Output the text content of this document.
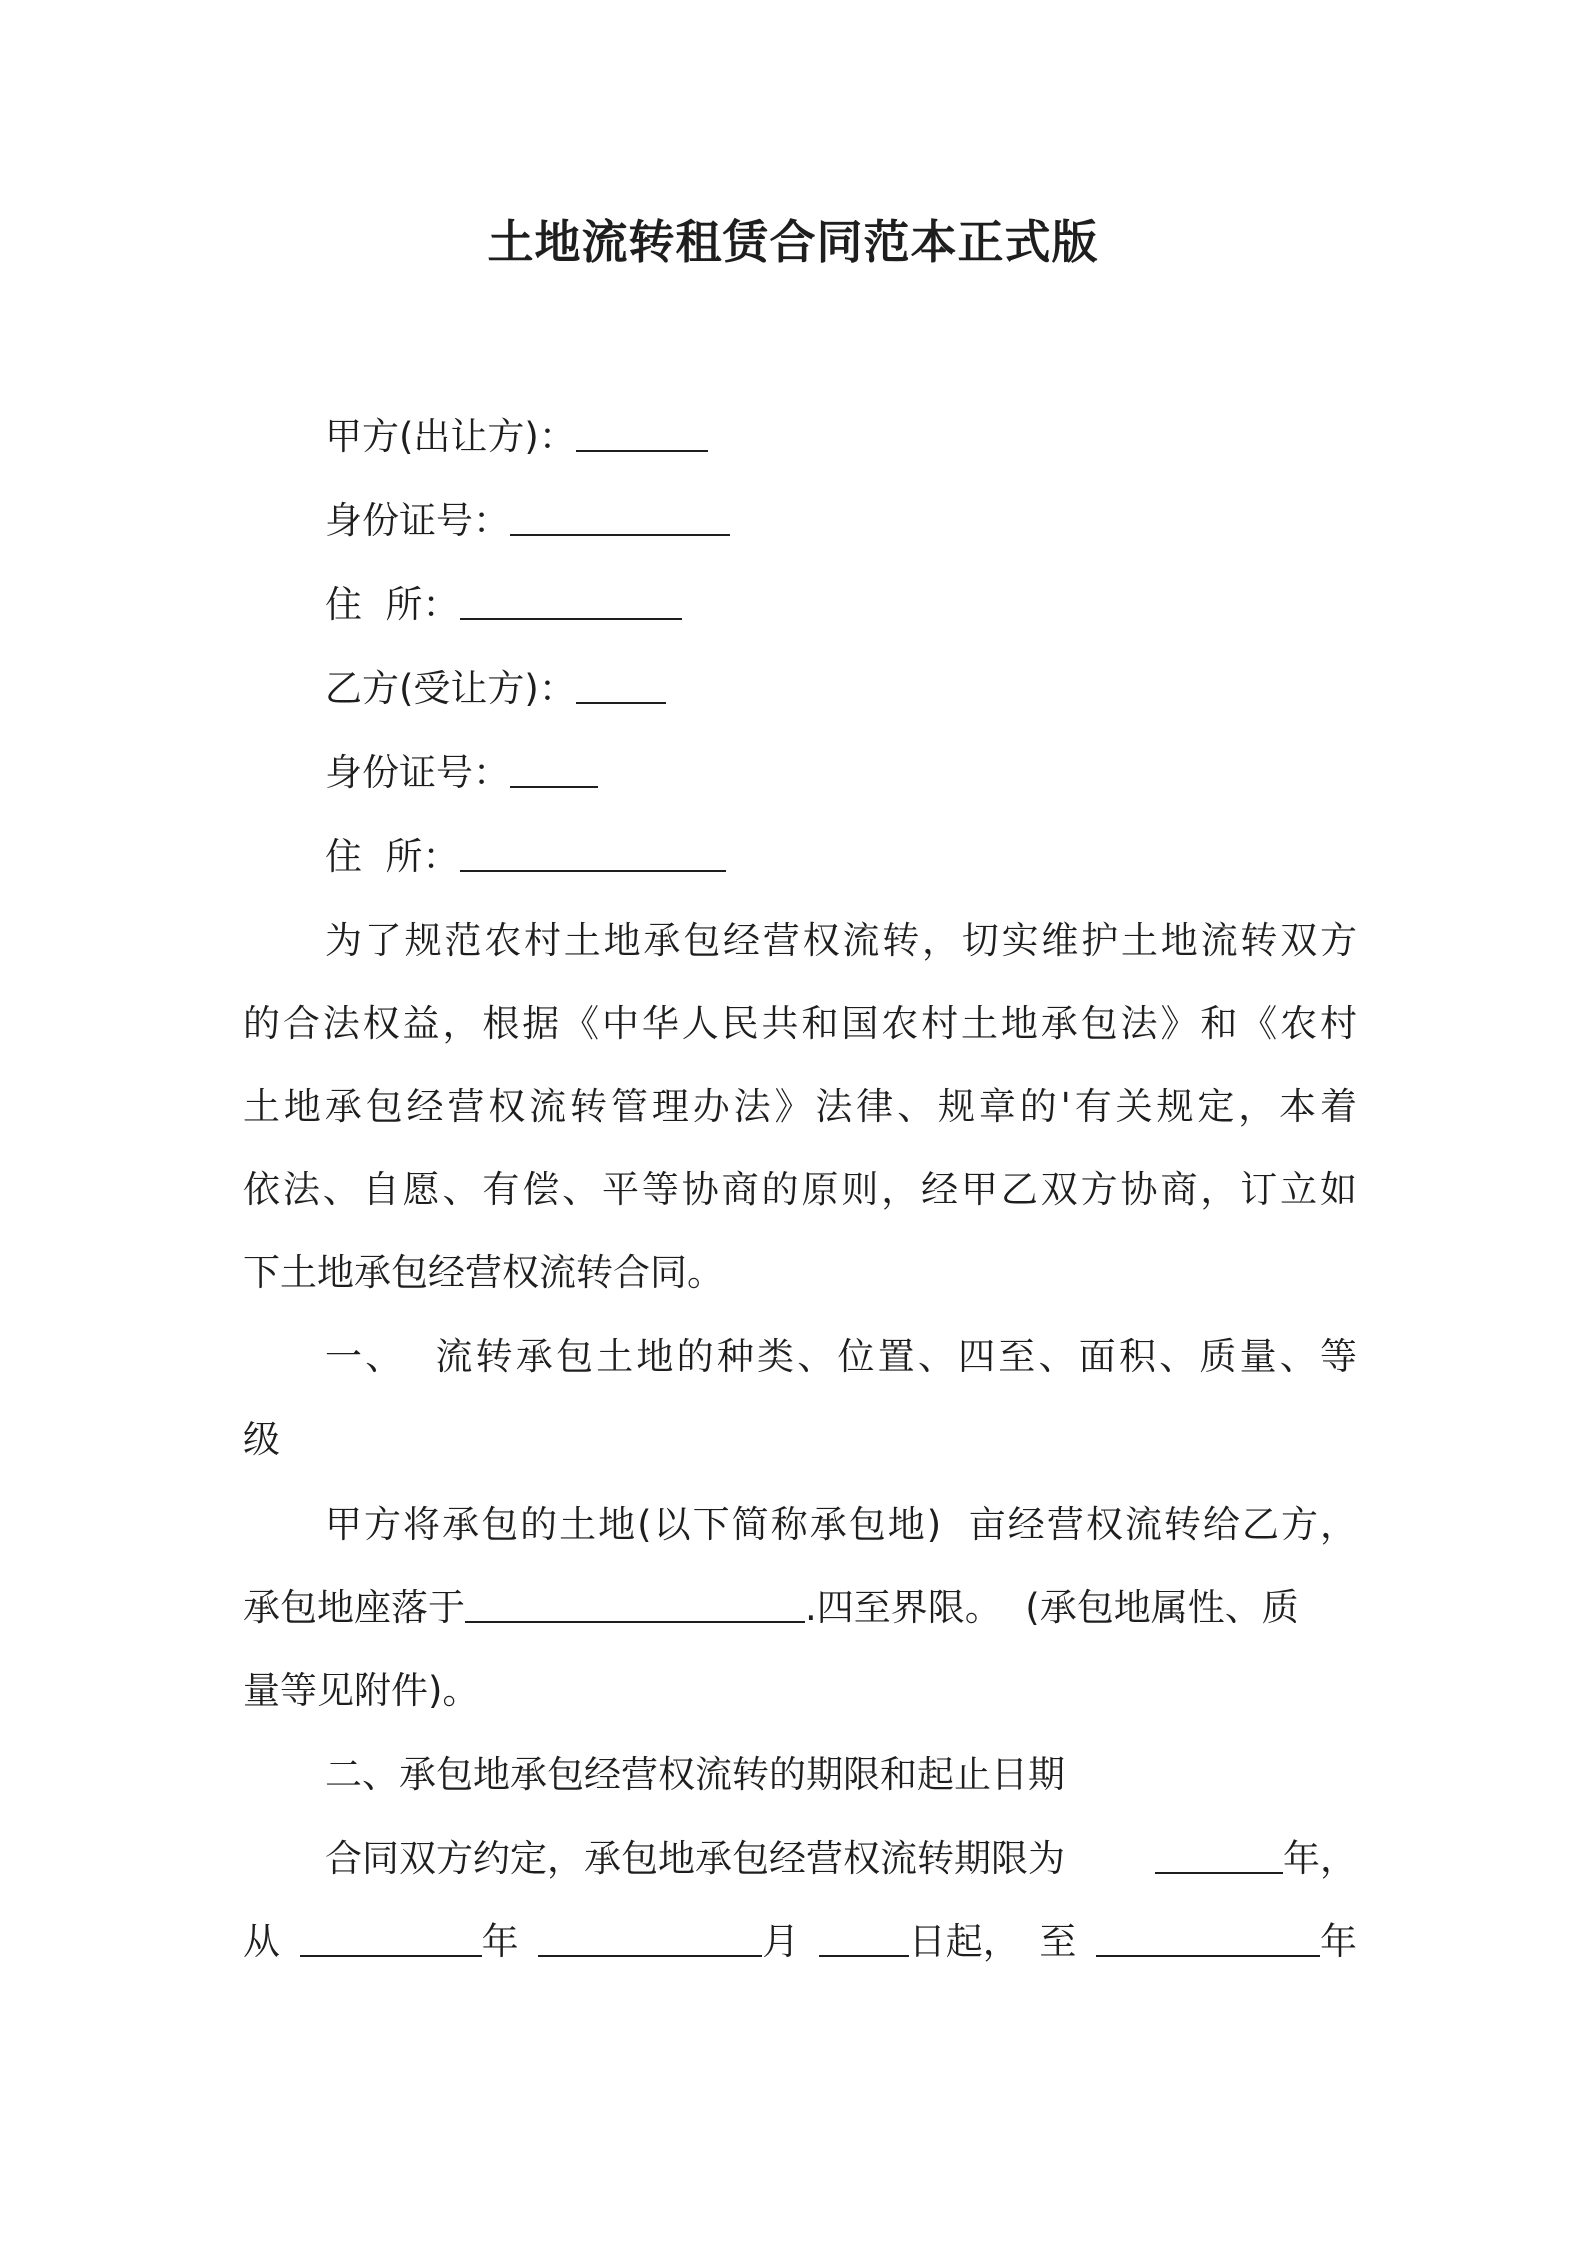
土地流转租赁合同范本正式版
甲方(出让方)：
身份证号：
住  所：
乙方(受让方)：
身份证号：
住  所：
为了规范农村土地承包经营权流转，切实维护土地流转双方
的合法权益，根据《中华人民共和国农村土地承包法》和《农村
土地承包经营权流转管理办法》法律、规章的'有关规定，本着
依法、自愿、有偿、平等协商的原则，经甲乙双方协商，订立如
下土地承包经营权流转合同。
一、  流转承包土地的种类、位置、四至、面积、质量、等
级
甲方将承包的土地(以下简称承包地)  亩经营权流转给乙方，
承包地座落于	.四至界限。  (承包地属性、质
量等见附件)。
二、承包地承包经营权流转的期限和起止日期
合同双方约定，承包地承包经营权流转期限为	年，
从	年	月	日起， 至	年
